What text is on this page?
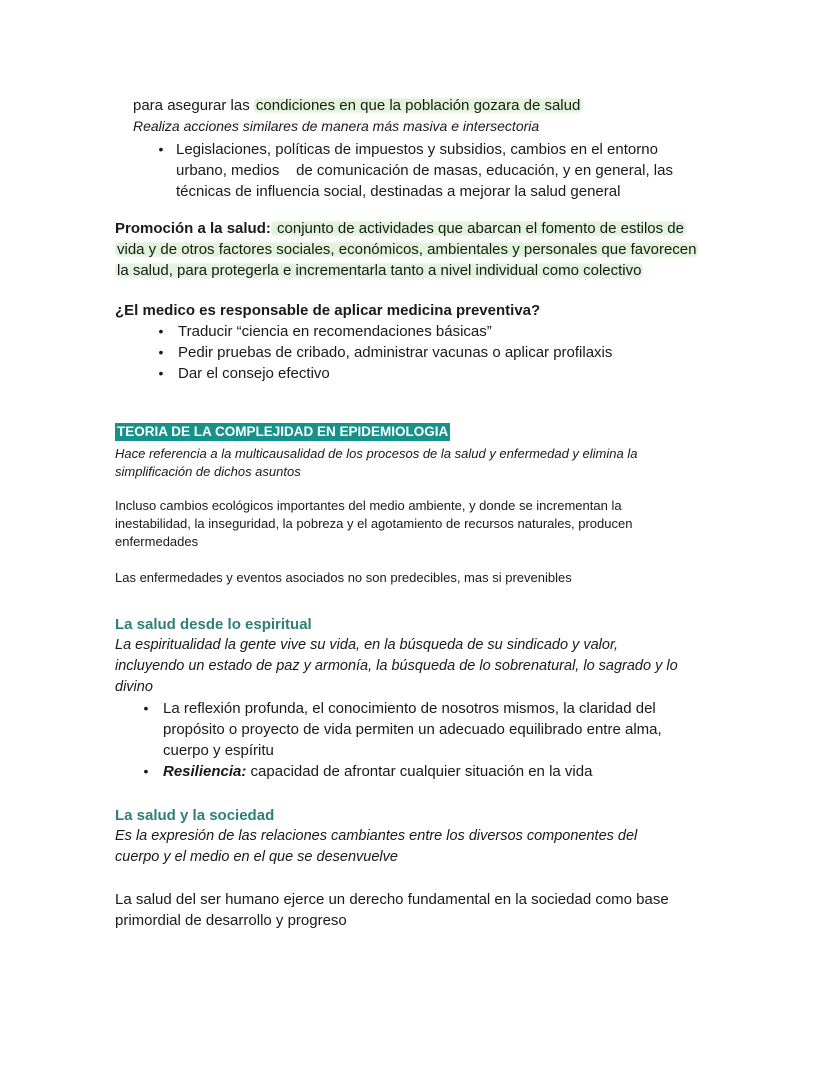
para asegurar las condiciones en que la población gozara de salud

Realiza acciones similares de manera más masiva e intersectoria

• Legislaciones, políticas de impuestos y subsidios, cambios en el entorno
urbano, medios    de comunicación de masas, educación, y en general, las
técnicas de influencia social, destinadas a mejorar la salud general

Promoción a la salud: conjunto de actividades que abarcan el fomento de estilos de

vida y de otros factores sociales, económicos, ambientales y personales que favorecen

la salud, para protegerla e incrementarla tanto a nivel individual como colectivo

¿El medico es responsable de aplicar medicina preventiva?

• Traducir “ciencia en recomendaciones básicas”
• Pedir pruebas de cribado, administrar vacunas o aplicar profilaxis
• Dar el consejo efectivo
TEORIA DE LA COMPLEJIDAD EN EPIDEMIOLOGIA

Hace referencia a la multicausalidad de los procesos de la salud y enfermedad y elimina la

simplificación de dichos asuntos

Incluso cambios ecológicos importantes del medio ambiente, y donde se incrementan la

inestabilidad, la inseguridad, la pobreza y el agotamiento de recursos naturales, producen

enfermedades

Las enfermedades y eventos asociados no son predecibles, mas si prevenibles

La salud desde lo espiritual

La espiritualidad la gente vive su vida, en la búsqueda de su sindicado y valor,

incluyendo un estado de paz y armonía, la búsqueda de lo sobrenatural, lo sagrado y lo

divino

• La reflexión profunda, el conocimiento de nosotros mismos, la claridad del
propósito o proyecto de vida permiten un adecuado equilibrado entre alma,
cuerpo y espíritu
• Resiliencia: capacidad de afrontar cualquier situación en la vida

La salud y la sociedad

Es la expresión de las relaciones cambiantes entre los diversos componentes del

cuerpo y el medio en el que se desenvuelve

La salud del ser humano ejerce un derecho fundamental en la sociedad como base

primordial de desarrollo y progreso
